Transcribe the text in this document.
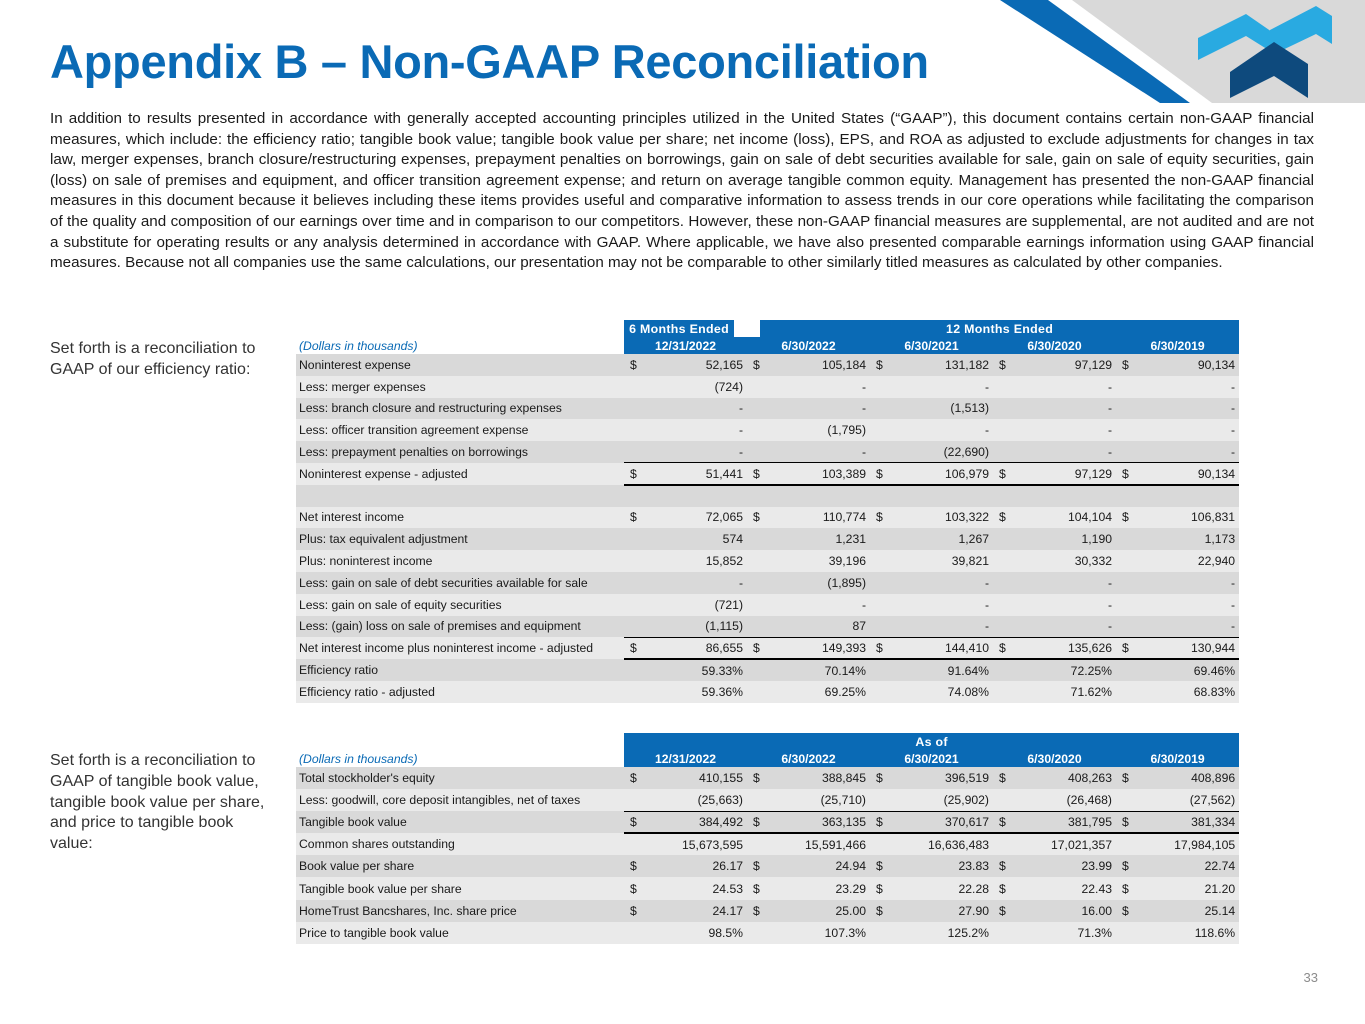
Appendix B – Non-GAAP Reconciliation

In addition to results presented in accordance with generally accepted accounting principles utilized in the United States (“GAAP”), this document contains certain non-GAAP financial measures, which include: the efficiency ratio; tangible book value; tangible book value per share; net income (loss), EPS, and ROA as adjusted to exclude adjustments for changes in tax law, merger expenses, branch closure/restructuring expenses, prepayment penalties on borrowings, gain on sale of debt securities available for sale, gain on sale of equity securities, gain (loss) on sale of premises and equipment, and officer transition agreement expense; and return on average tangible common equity. Management has presented the non-GAAP financial measures in this document because it believes including these items provides useful and comparative information to assess trends in our core operations while facilitating the comparison of the quality and composition of our earnings over time and in comparison to our competitors. However, these non-GAAP financial measures are supplemental, are not audited and are not a substitute for operating results or any analysis determined in accordance with GAAP. Where applicable, we have also presented comparable earnings information using GAAP financial measures. Because not all companies use the same calculations, our presentation may not be comparable to other similarly titled measures as calculated by other companies.

Set forth is a reconciliation to GAAP of our efficiency ratio:
Set forth is a reconciliation to GAAP of tangible book value, tangible book value per share, and price to tangible book value:
	6 Months Ended		12 Months Ended							
(Dollars in thousands)	12/31/2022		6/30/2022		6/30/2021		6/30/2020		6/30/2019	
Noninterest expense	$	52,165	$	105,184	$	131,182	$	97,129	$	90,134
Less: merger expenses		(724)		-		-		-		-
Less: branch closure and restructuring expenses		-		-		(1,513)		-		-
Less: officer transition agreement expense		-		(1,795)		-		-		-
Less: prepayment penalties on borrowings		-		-		(22,690)		-		-
Noninterest expense - adjusted	$	51,441	$	103,389	$	106,979	$	97,129	$	90,134

Net interest income	$	72,065	$	110,774	$	103,322	$	104,104	$	106,831
Plus: tax equivalent adjustment		574		1,231		1,267		1,190		1,173
Plus: noninterest income		15,852		39,196		39,821		30,332		22,940
Less: gain on sale of debt securities available for sale		-		(1,895)		-		-		-
Less: gain on sale of equity securities		(721)		-		-		-		-
Less: (gain) loss on sale of premises and equipment		(1,115)		87		-		-		-
Net interest income plus noninterest income - adjusted	$	86,655	$	149,393	$	144,410	$	135,626	$	130,944
Efficiency ratio		59.33%		70.14%		91.64%		72.25%		69.46%
Efficiency ratio - adjusted		59.36%		69.25%		74.08%		71.62%		68.83%
	As of									
(Dollars in thousands)	12/31/2022		6/30/2022		6/30/2021		6/30/2020		6/30/2019	
Total stockholder's equity	$	410,155	$	388,845	$	396,519	$	408,263	$	408,896
Less: goodwill, core deposit intangibles, net of taxes		(25,663)		(25,710)		(25,902)		(26,468)		(27,562)
Tangible book value	$	384,492	$	363,135	$	370,617	$	381,795	$	381,334
Common shares outstanding		15,673,595		15,591,466		16,636,483		17,021,357		17,984,105
Book value per share	$	26.17	$	24.94	$	23.83	$	23.99	$	22.74
Tangible book value per share	$	24.53	$	23.29	$	22.28	$	22.43	$	21.20
HomeTrust Bancshares, Inc. share price	$	24.17	$	25.00	$	27.90	$	16.00	$	25.14
Price to tangible book value		98.5%		107.3%		125.2%		71.3%		118.6%
33
